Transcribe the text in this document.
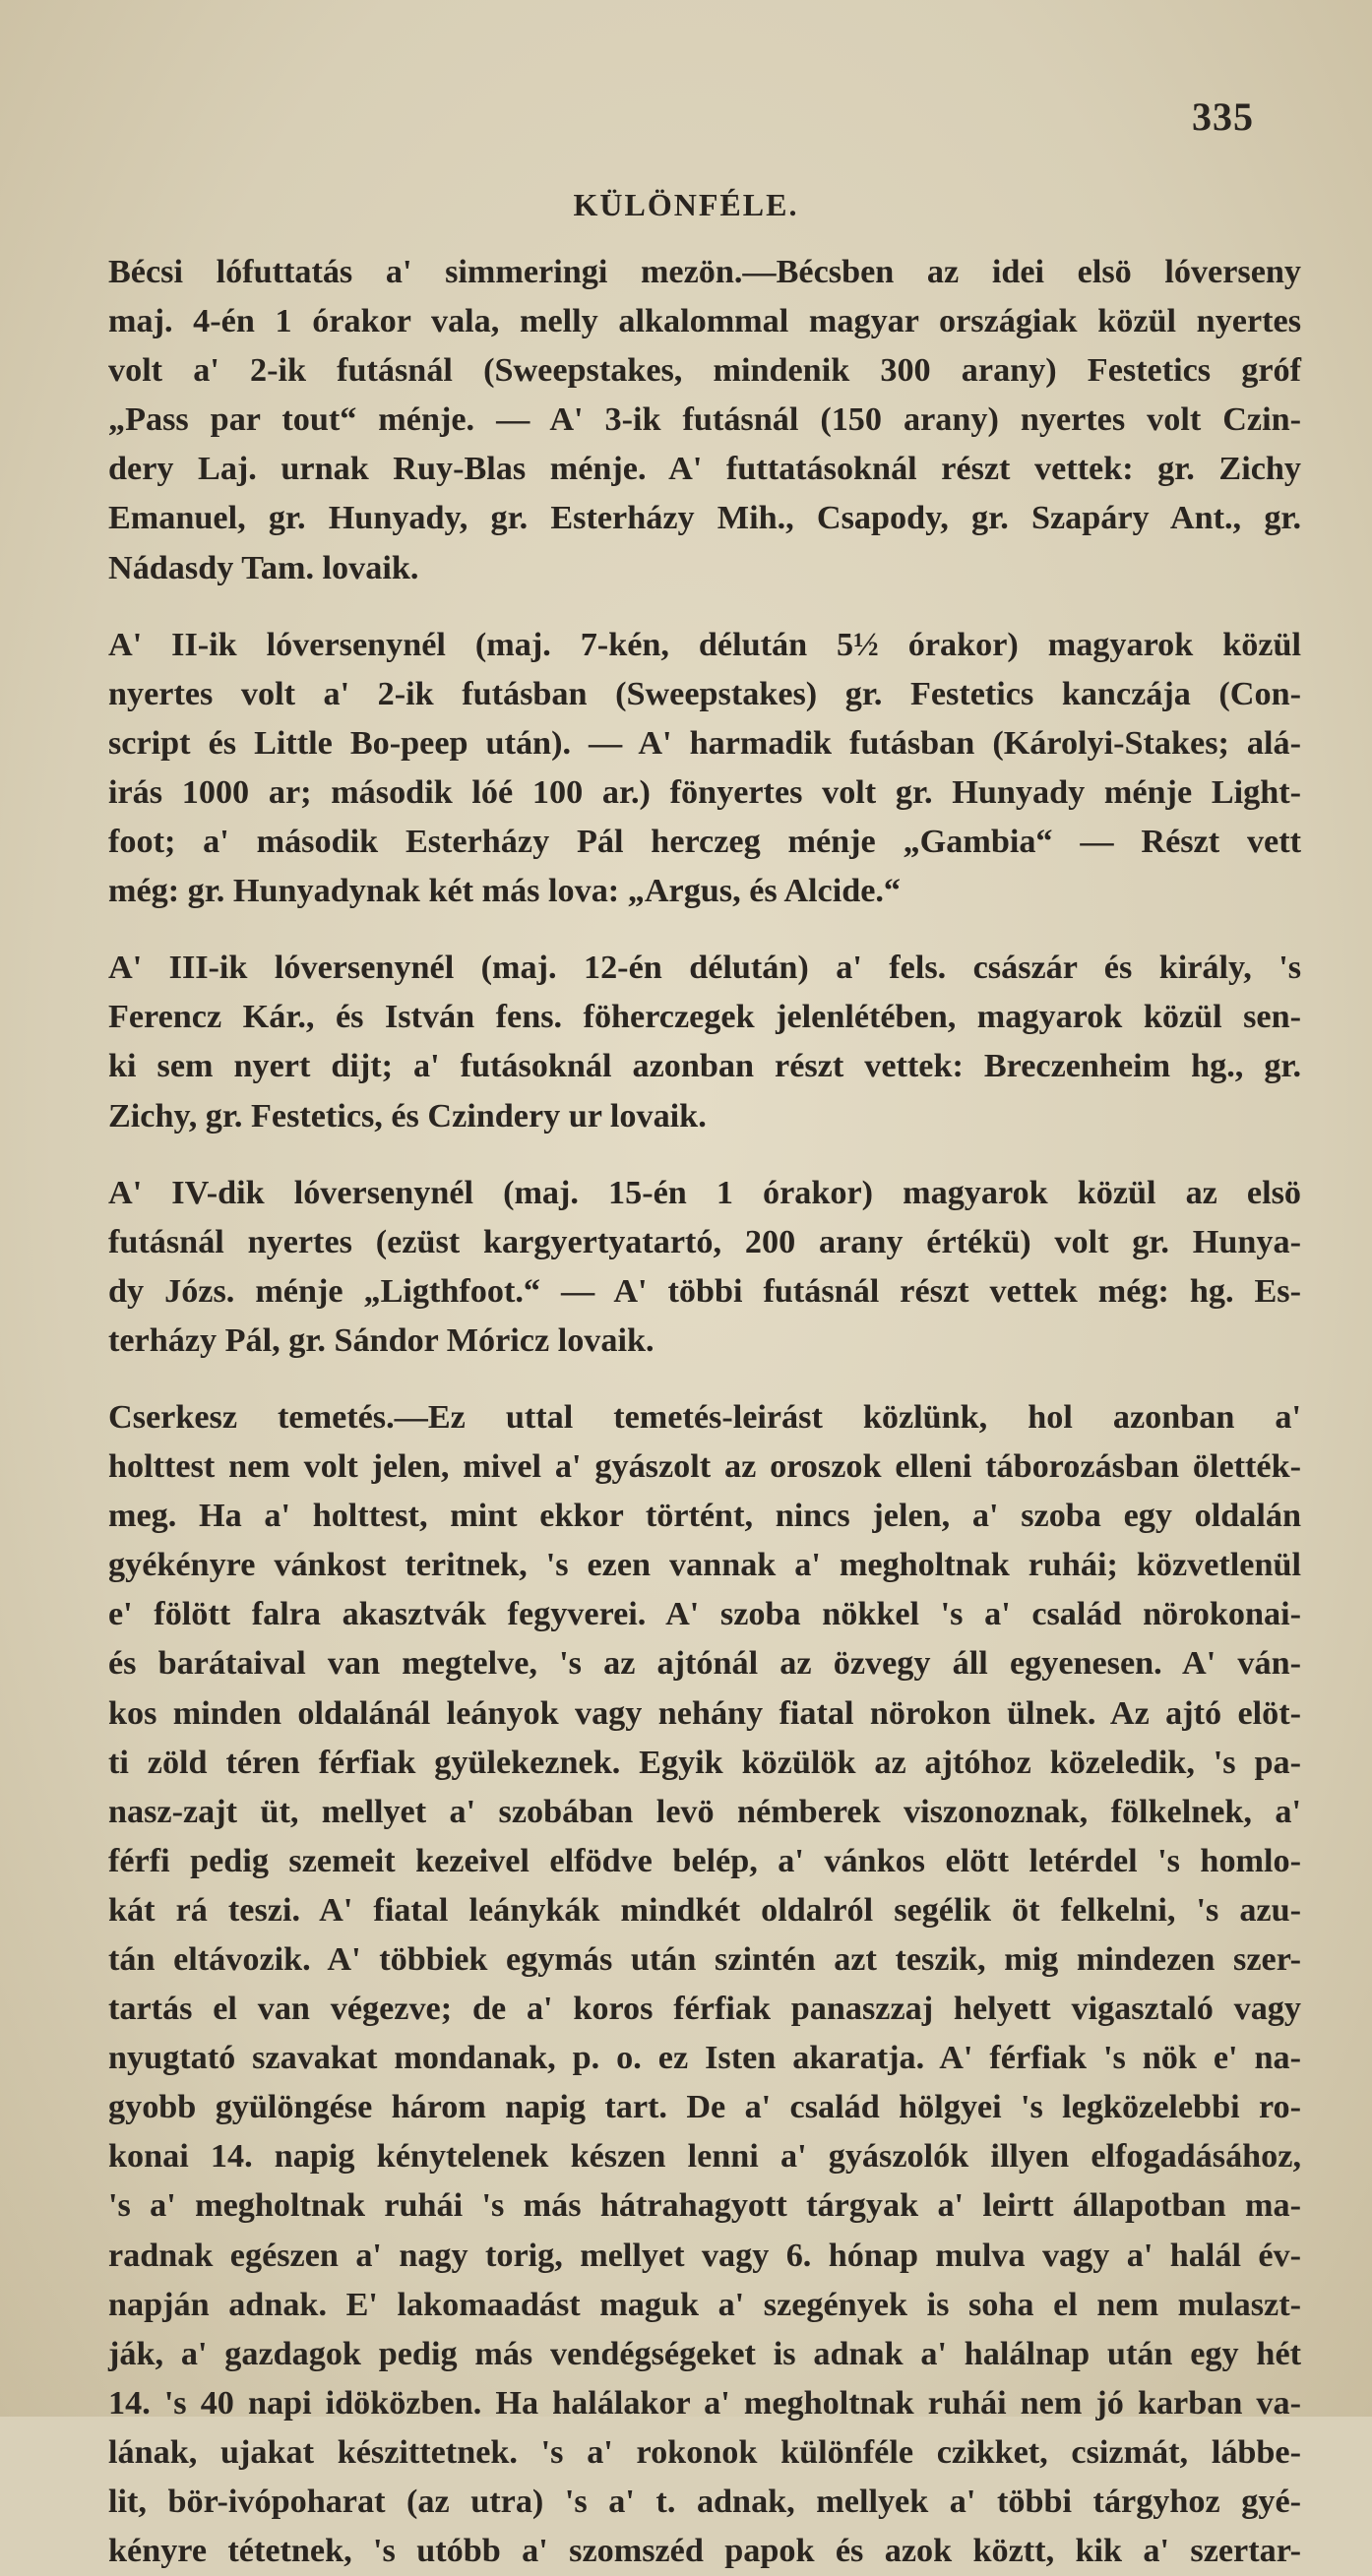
335
KÜLÖNFÉLE.
Bécsi lófuttatás a' simmeringi mezön.—Bécsben az idei elsö lóverseny
maj. 4-én 1 órakor vala, melly alkalommal magyar országiak közül nyertes
volt a' 2-ik futásnál (Sweepstakes, mindenik 300 arany) Festetics gróf
„Pass par tout“ ménje. — A' 3-ik futásnál (150 arany) nyertes volt Czin-
dery Laj. urnak Ruy-Blas ménje. A' futtatásoknál részt vettek: gr. Zichy
Emanuel, gr. Hunyady, gr. Esterházy Mih., Csapody, gr. Szapáry Ant., gr.
Nádasdy Tam. lovaik.
A' II-ik lóversenynél (maj. 7-kén, délután 5½ órakor) magyarok közül
nyertes volt a' 2-ik futásban (Sweepstakes) gr. Festetics kanczája (Con-
script és Little Bo-peep után). — A' harmadik futásban (Károlyi-Stakes; alá-
irás 1000 ar; második lóé 100 ar.) fönyertes volt gr. Hunyady ménje Light-
foot; a' második Esterházy Pál herczeg ménje „Gambia“ — Részt vett
még: gr. Hunyadynak két más lova: „Argus, és Alcide.“
A' III-ik lóversenynél (maj. 12-én délután) a' fels. császár és király, 's
Ferencz Kár., és István fens. föherczegek jelenlétében, magyarok közül sen-
ki sem nyert dijt; a' futásoknál azonban részt vettek: Breczenheim hg., gr.
Zichy, gr. Festetics, és Czindery ur lovaik.
A' IV-dik lóversenynél (maj. 15-én 1 órakor) magyarok közül az elsö
futásnál nyertes (ezüst kargyertyatartó, 200 arany értékü) volt gr. Hunya-
dy Józs. ménje „Ligthfoot.“ — A' többi futásnál részt vettek még: hg. Es-
terházy Pál, gr. Sándor Móricz lovaik.
Cserkesz temetés.—Ez uttal temetés-leirást közlünk, hol azonban a'
holttest nem volt jelen, mivel a' gyászolt az oroszok elleni táborozásban ölették-
meg. Ha a' holttest, mint ekkor történt, nincs jelen, a' szoba egy oldalán
gyékényre vánkost teritnek, 's ezen vannak a' megholtnak ruhái; közvetlenül
e' fölött falra akasztvák fegyverei. A' szoba nökkel 's a' család nörokonai-
és barátaival van megtelve, 's az ajtónál az özvegy áll egyenesen. A' ván-
kos minden oldalánál leányok vagy nehány fiatal nörokon ülnek. Az ajtó elöt-
ti zöld téren férfiak gyülekeznek. Egyik közülök az ajtóhoz közeledik, 's pa-
nasz-zajt üt, mellyet a' szobában levö némberek viszonoznak, fölkelnek, a'
férfi pedig szemeit kezeivel elfödve belép, a' vánkos elött letérdel 's homlo-
kát rá teszi. A' fiatal leánykák mindkét oldalról segélik öt felkelni, 's azu-
tán eltávozik. A' többiek egymás után szintén azt teszik, mig mindezen szer-
tartás el van végezve; de a' koros férfiak panaszzaj helyett vigasztaló vagy
nyugtató szavakat mondanak, p. o. ez Isten akaratja. A' férfiak 's nök e' na-
gyobb gyülöngése három napig tart. De a' család hölgyei 's legközelebbi ro-
konai 14. napig kénytelenek készen lenni a' gyászolók illyen elfogadásához,
's a' megholtnak ruhái 's más hátrahagyott tárgyak a' leirtt állapotban ma-
radnak egészen a' nagy torig, mellyet vagy 6. hónap mulva vagy a' halál év-
napján adnak. E' lakomaadást maguk a' szegények is soha el nem mulaszt-
ják, a' gazdagok pedig más vendégségeket is adnak a' halálnap után egy hét
14. 's 40 napi idöközben. Ha halálakor a' megholtnak ruhái nem jó karban va-
lának, ujakat készittetnek. 's a' rokonok különféle czikket, csizmát, lábbe-
lit, bör-ivópoharat (az utra) 's a' t. adnak, mellyek a' többi tárgyhoz gyé-
kényre tétetnek, 's utóbb a' szomszéd papok és azok köztt, kik a' szertar-
